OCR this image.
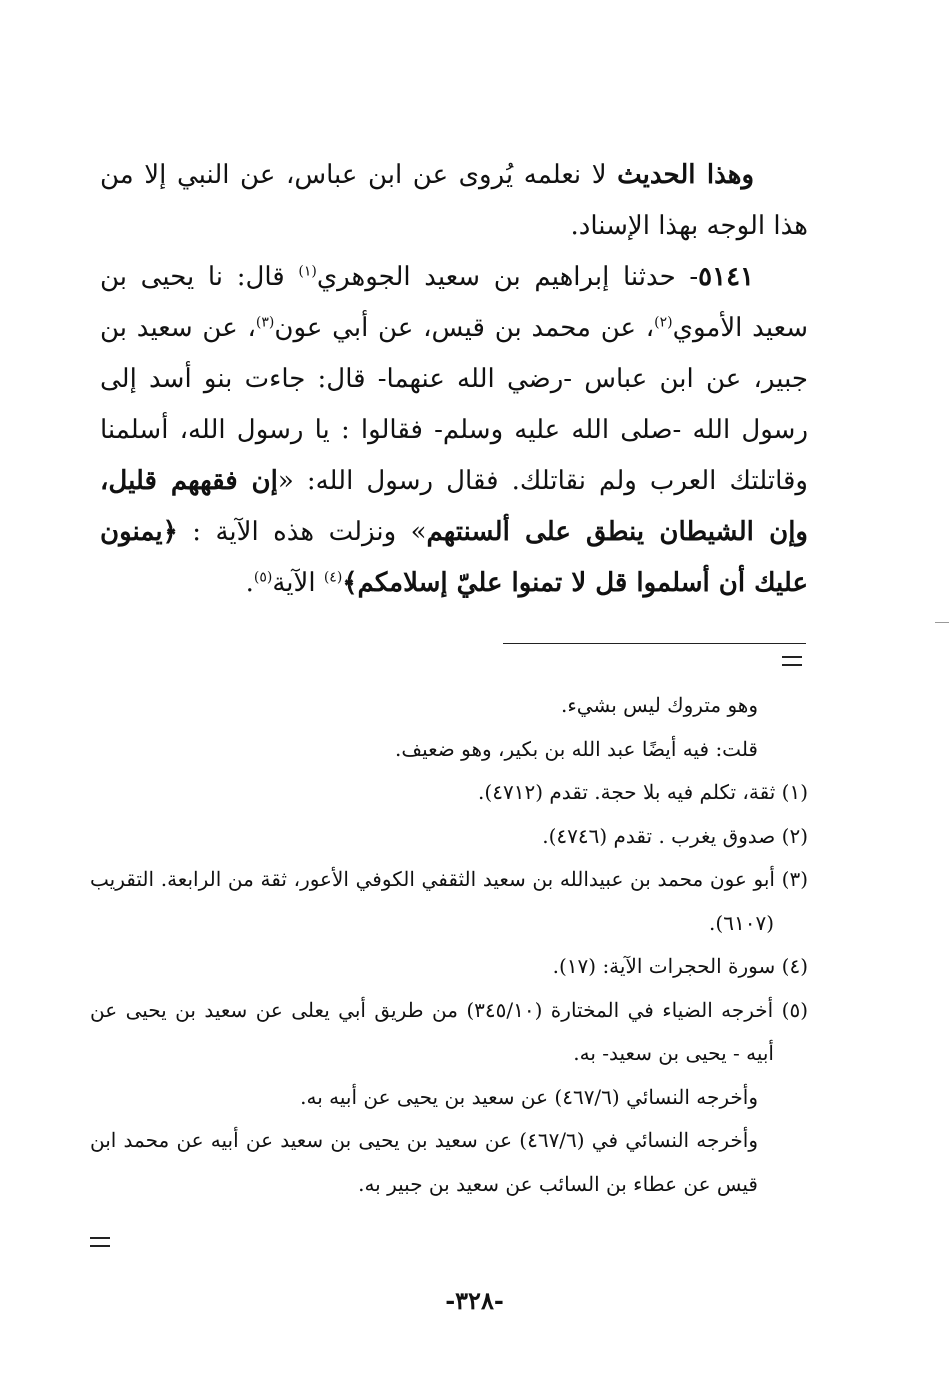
وهذا الحديث لا نعلمه يُروى عن ابن عباس، عن النبي إلا من هذا الوجه بهذا الإسناد.

٥١٤١- حدثنا إبراهيم بن سعيد الجوهري$^{(١)}$ قال: نا يحيى بن سعيد الأموي$^{(٢)}$، عن محمد بن قيس، عن أبي عون$^{(٣)}$، عن سعيد بن جبير، عن ابن عباس -رضي الله عنهما- قال: جاءت بنو أسد إلى رسول الله -صلى الله عليه وسلم- فقالوا : يا رسول الله، أسلمنا وقاتلتك العرب ولم نقاتلك. فقال رسول الله: «إن فقههم قليل، وإن الشيطان ينطق على ألسنتهم» ونزلت هذه الآية : ﴿يمنون عليك أن أسلموا قل لا تمنوا عليّ إسلامكم﴾$^{(٤)}$ الآية$^{(٥)}$.

وهو متروك ليس بشيء.

قلت: فيه أيضًا عبد الله بن بكير، وهو ضعيف.

(١) ثقة، تكلم فيه بلا حجة. تقدم (٤٧١٢).

(٢) صدوق يغرب . تقدم (٤٧٤٦).

(٣) أبو عون محمد بن عبيدالله بن سعيد الثقفي الكوفي الأعور، ثقة من الرابعة. التقريب (٦١٠٧).

(٤) سورة الحجرات الآية: (١٧).

(٥) أخرجه الضياء في المختارة (٣٤٥/١٠) من طريق أبي يعلى عن سعيد بن يحيى عن أبيه - يحيى بن سعيد- به.

وأخرجه النسائي (٤٦٧/٦) عن سعيد بن يحيى عن أبيه به.

وأخرجه النسائي في (٤٦٧/٦) عن سعيد بن يحيى بن سعيد عن أبيه عن محمد ابن قيس عن عطاء بن السائب عن سعيد بن جبير به.

-٣٢٨-
